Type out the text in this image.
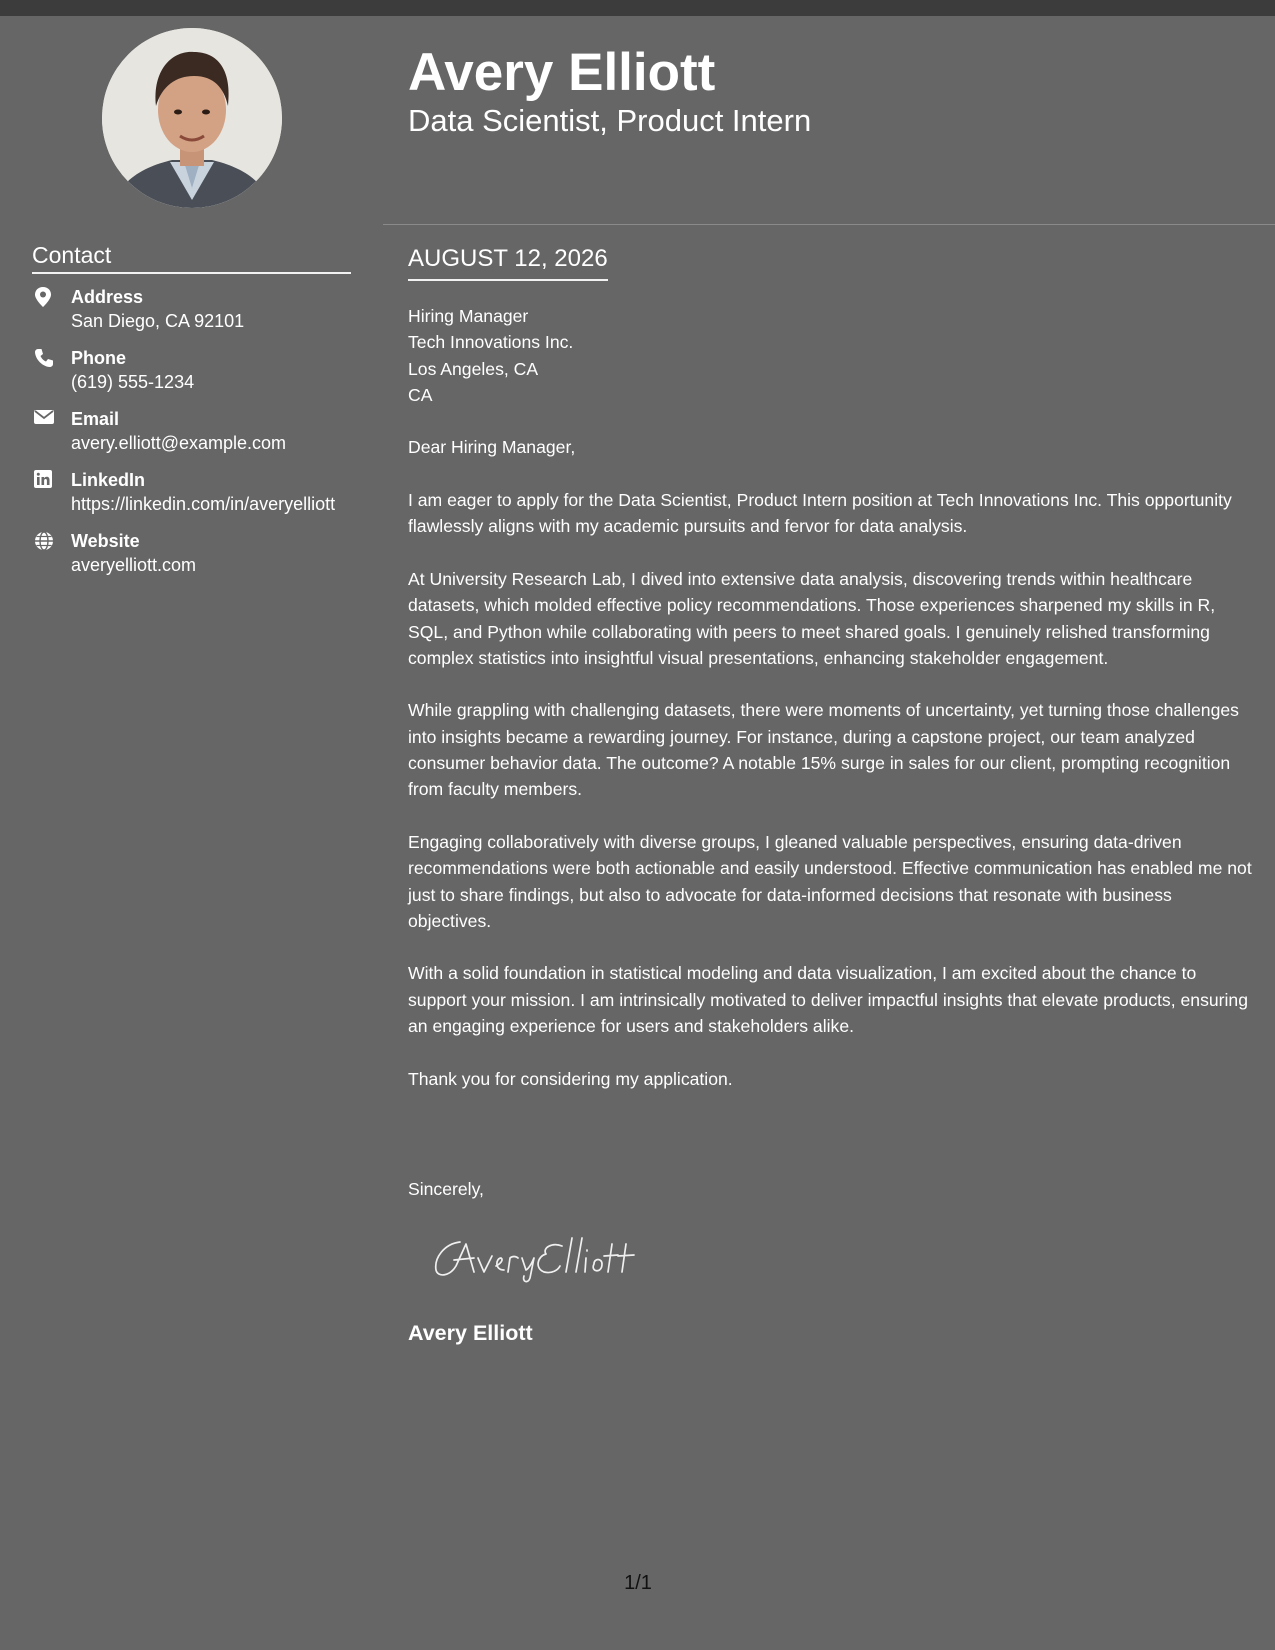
Contact
Address
San Diego, CA 92101
Phone
(619) 555-1234
Email
avery.elliott@example.com
LinkedIn
https://linkedin.com/in/averyelliott
Website
averyelliott.com
Avery Elliott
Data Scientist, Product Intern
AUGUST 12, 2026

Hiring Manager
Tech Innovations Inc.
Los Angeles, CA
CA

Dear Hiring Manager,

I am eager to apply for the Data Scientist, Product Intern position at Tech Innovations Inc. This opportunity flawlessly aligns with my academic pursuits and fervor for data analysis.

At University Research Lab, I dived into extensive data analysis, discovering trends within healthcare datasets, which molded effective policy recommendations. Those experiences sharpened my skills in R, SQL, and Python while collaborating with peers to meet shared goals. I genuinely relished transforming complex statistics into insightful visual presentations, enhancing stakeholder engagement.

While grappling with challenging datasets, there were moments of uncertainty, yet turning those challenges into insights became a rewarding journey. For instance, during a capstone project, our team analyzed consumer behavior data. The outcome? A notable 15% surge in sales for our client, prompting recognition from faculty members.

Engaging collaboratively with diverse groups, I gleaned valuable perspectives, ensuring data-driven recommendations were both actionable and easily understood. Effective communication has enabled me not just to share findings, but also to advocate for data-informed decisions that resonate with business objectives.

With a solid foundation in statistical modeling and data visualization, I am excited about the chance to support your mission. I am intrinsically motivated to deliver impactful insights that elevate products, ensuring an engaging experience for users and stakeholders alike.

Thank you for considering my application.

Sincerely,
Avery Elliott
1/1
